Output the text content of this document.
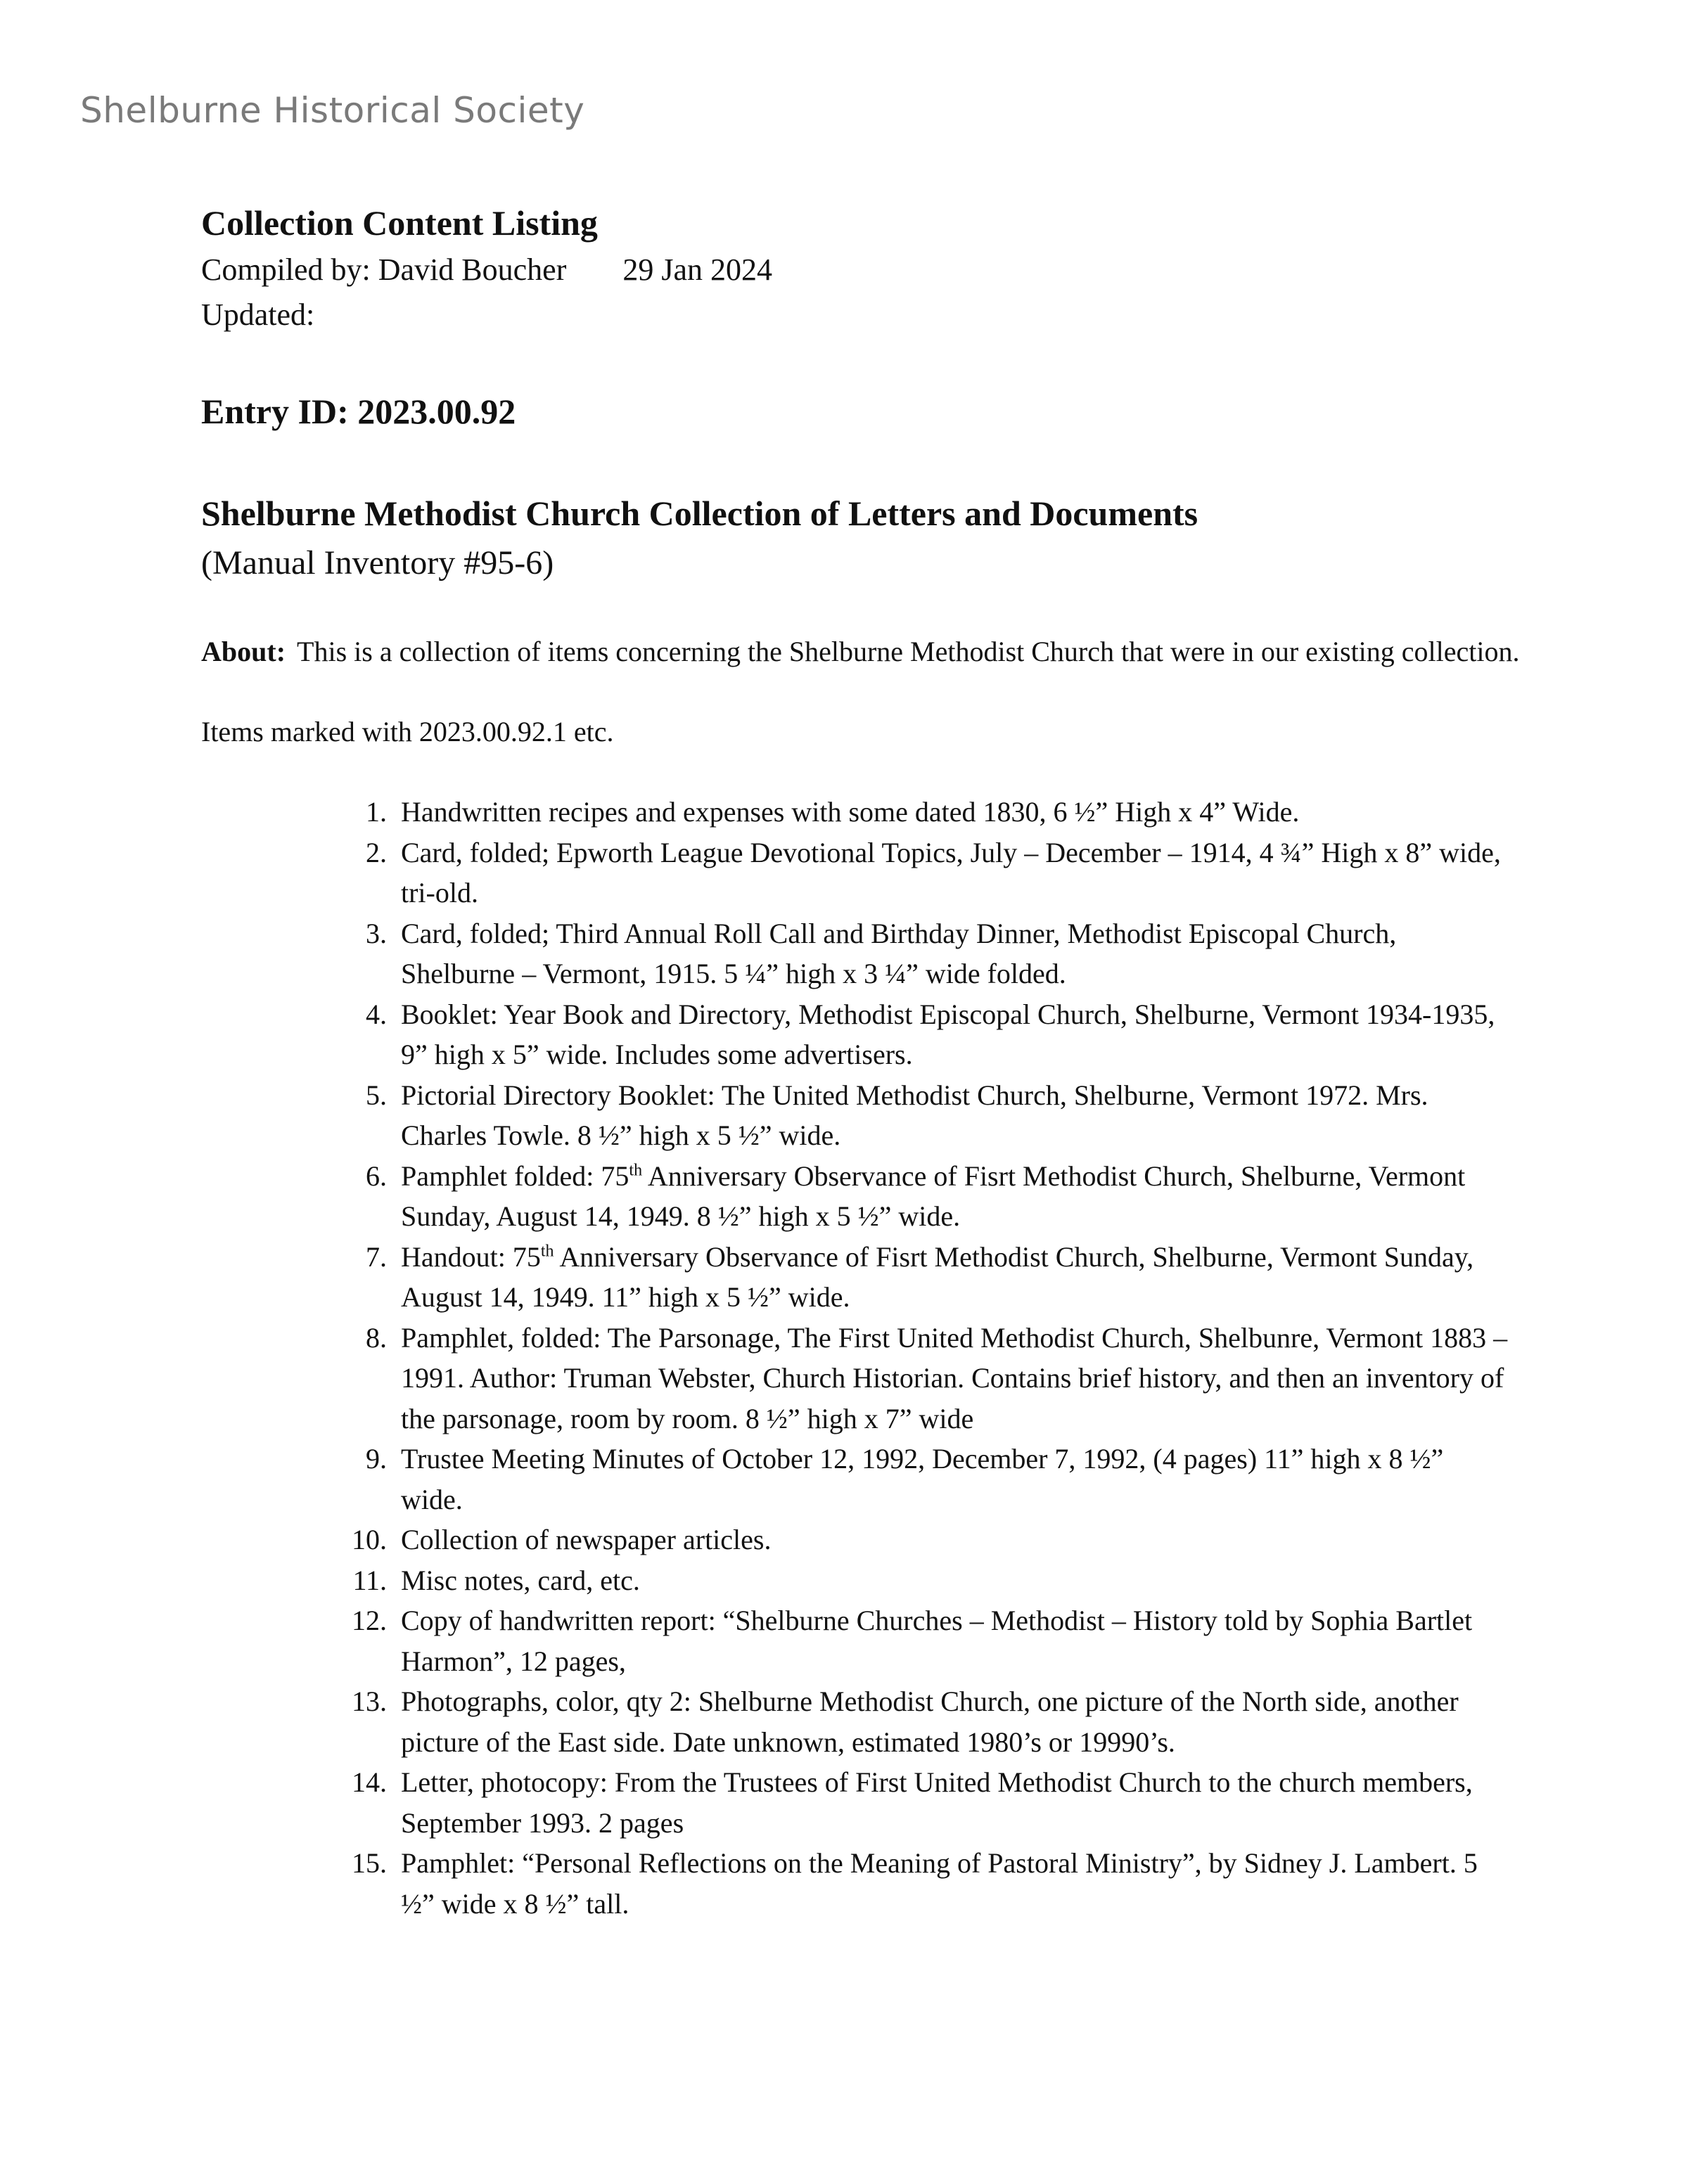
Shelburne Historical Society

Collection Content Listing

Compiled by: David Boucher 29 Jan 2024

Updated:

Entry ID: 2023.00.92

Shelburne Methodist Church Collection of Letters and Documents

(Manual Inventory #95-6)

About: This is a collection of items concerning the Shelburne Methodist Church that were in our existing collection.

Items marked with 2023.00.92.1 etc.

1. Handwritten recipes and expenses with some dated 1830, 6 ½” High x 4” Wide.
2. Card, folded; Epworth League Devotional Topics, July – December – 1914, 4 ¾” High x 8” wide, tri-old.
3. Card, folded; Third Annual Roll Call and Birthday Dinner, Methodist Episcopal Church, Shelburne – Vermont, 1915. 5 ¼” high x 3 ¼” wide folded.
4. Booklet: Year Book and Directory, Methodist Episcopal Church, Shelburne, Vermont 1934-1935, 9” high x 5” wide. Includes some advertisers.
5. Pictorial Directory Booklet: The United Methodist Church, Shelburne, Vermont 1972. Mrs. Charles Towle. 8 ½” high x 5 ½” wide.
6. Pamphlet folded: 75th Anniversary Observance of Fisrt Methodist Church, Shelburne, Vermont Sunday, August 14, 1949. 8 ½” high x 5 ½” wide.
7. Handout: 75th Anniversary Observance of Fisrt Methodist Church, Shelburne, Vermont Sunday, August 14, 1949. 11” high x 5 ½” wide.
8. Pamphlet, folded: The Parsonage, The First United Methodist Church, Shelbunre, Vermont 1883 – 1991. Author: Truman Webster, Church Historian. Contains brief history, and then an inventory of the parsonage, room by room. 8 ½” high x 7” wide
9. Trustee Meeting Minutes of October 12, 1992, December 7, 1992, (4 pages) 11” high x 8 ½” wide.
10. Collection of newspaper articles.
11. Misc notes, card, etc.
12. Copy of handwritten report: “Shelburne Churches – Methodist – History told by Sophia Bartlet Harmon”, 12 pages,
13. Photographs, color, qty 2: Shelburne Methodist Church, one picture of the North side, another picture of the East side. Date unknown, estimated 1980’s or 19990’s.
14. Letter, photocopy: From the Trustees of First United Methodist Church to the church members, September 1993. 2 pages
15. Pamphlet: “Personal Reflections on the Meaning of Pastoral Ministry”, by Sidney J. Lambert. 5 ½” wide x 8 ½” tall.
